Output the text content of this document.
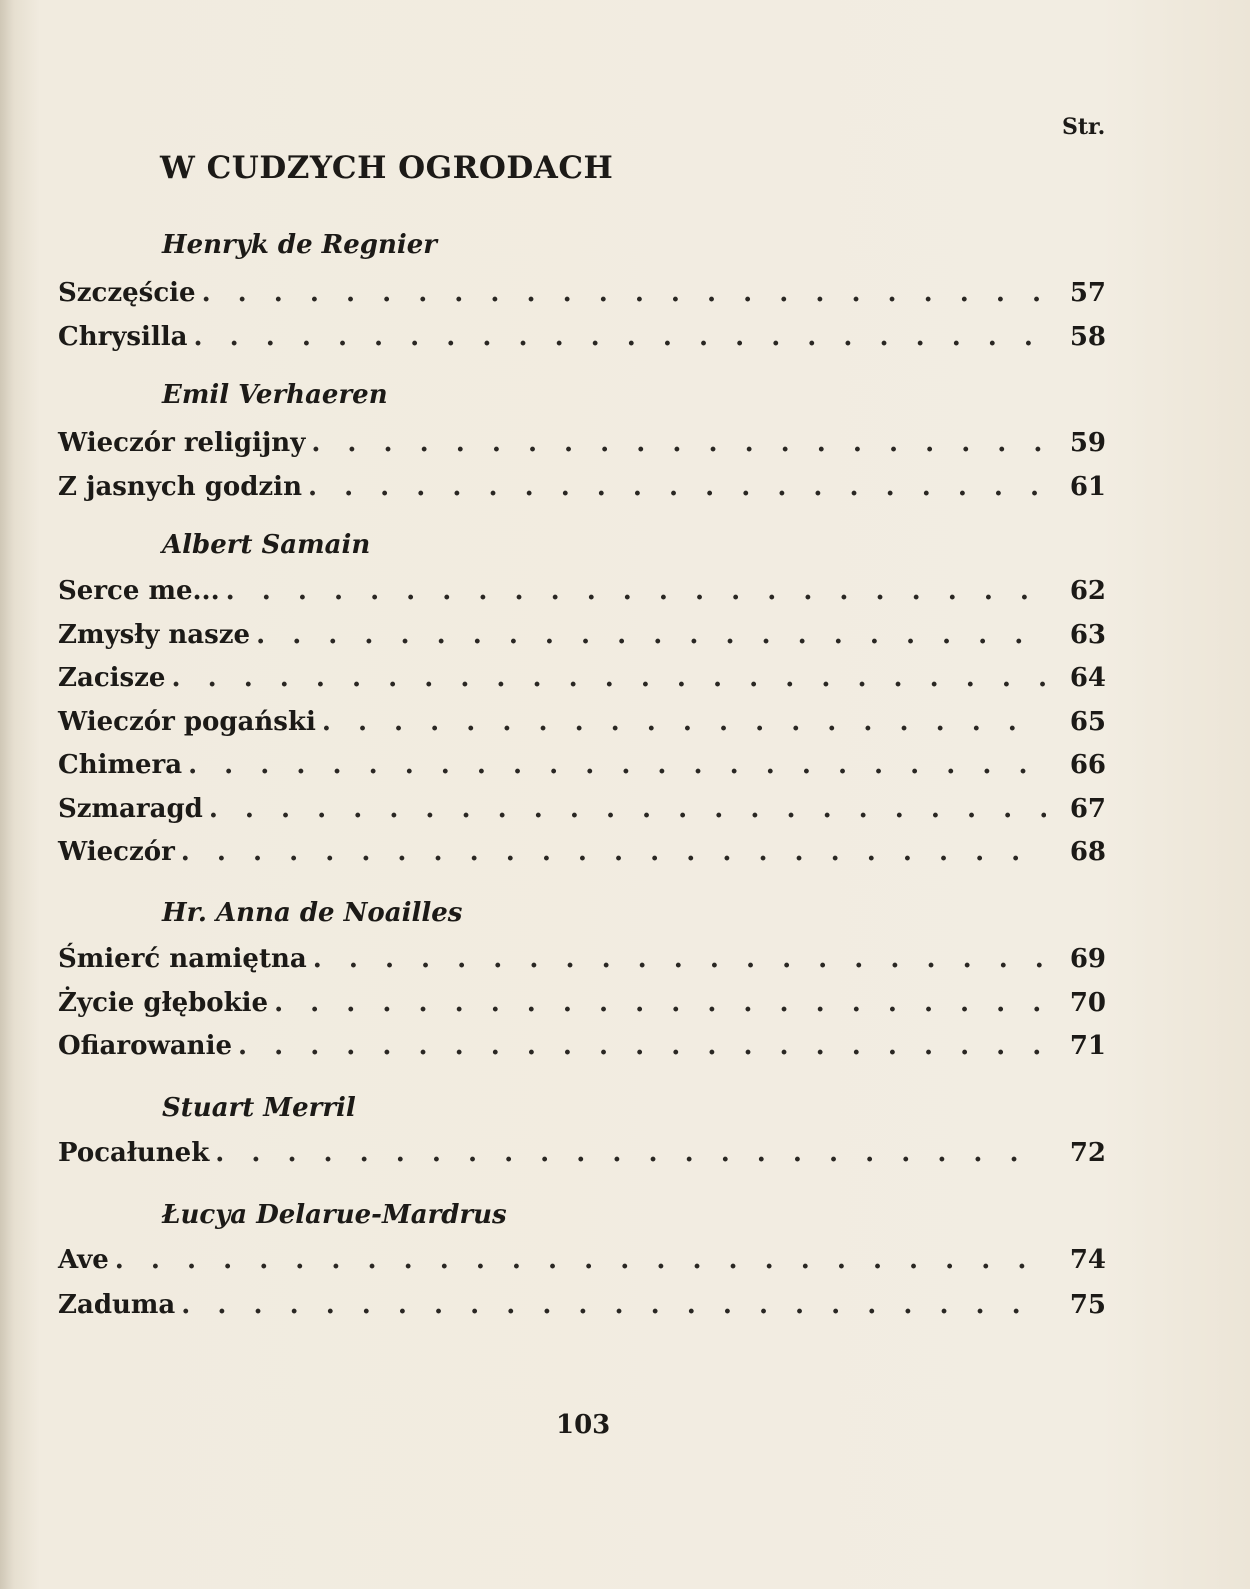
Str.
W CUDZYCH OGRODACH
Henryk de Regnier
Szczęście . . .	57
Chrysilla . . .	58
Emil Verhaeren
Wieczór religijny . . .	59
Z jasnych godzin . . .	61
Albert Samain
Serce me... . . .	62
Zmysły nasze . . .	63
Zacisze . . .	64
Wieczór pogański . . .	65
Chimera . . .	66
Szmaragd . . .	67
Wieczór . . .	68
Hr. Anna de Noailles
Śmierć namiętna . . .	69
Życie głębokie . . .	70
Ofiarowanie . . .	71
Stuart Merril
Pocałunek . . .	72
Łucya Delarue-Mardrus
Ave . . .	74
Zaduma . . .	75
103
